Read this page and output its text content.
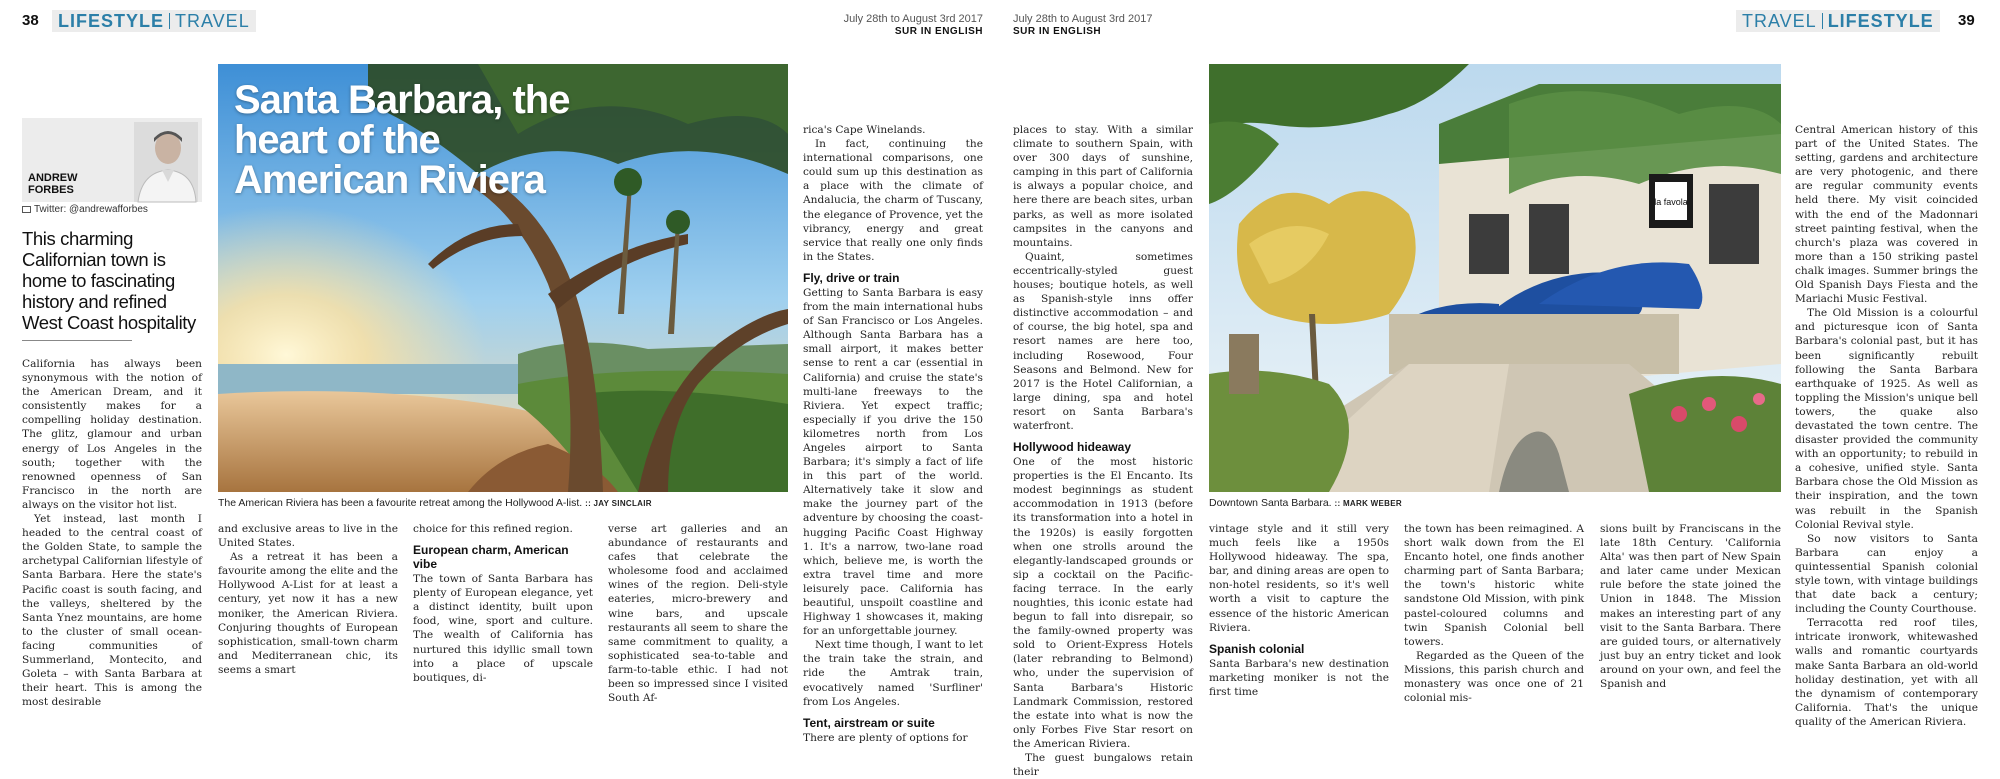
38	LIFESTYLE TRAVEL	July 28th to August 3rd 2017
SUR IN ENGLISH
July 28th to August 3rd 2017
SUR IN ENGLISH
TRAVEL LIFESTYLE	39
ANDREW
FORBES
Twitter: @andrewafforbes
This charming Californian town is home to fascinating history and refined West Coast hospitality
Santa Barbara, the heart of the American Riviera
The American Riviera has been a favourite retreat among the Hollywood A-list. :: JAY SINCLAIR
la favola
Downtown Santa Barbara. :: MARK WEBER

California has always been synonymous with the notion of the American Dream, and it consistently makes for a compelling holiday destination. The glitz, glamour and urban energy of Los Angeles in the south; together with the renowned openness of San Francisco in the north are always on the visitor hot list.

Yet instead, last month I headed to the central coast of the Golden State, to sample the archetypal Californian lifestyle of Santa Barbara. Here the state's Pacific coast is south facing, and the valleys, sheltered by the Santa Ynez mountains, are home to the cluster of small ocean-facing communities of Summerland, Montecito, and Goleta – with Santa Barbara at their heart. This is among the most desirable

and exclusive areas to live in the United States.

As a retreat it has been a favourite among the elite and the Hollywood A-List for at least a century, yet now it has a new moniker, the American Riviera. Conjuring thoughts of European sophistication, small-town charm and Mediterranean chic, its seems a smart

choice for this refined region.

European charm, American vibe

The town of Santa Barbara has plenty of European elegance, yet a distinct identity, built upon food, wine, sport and culture. The wealth of California has nurtured this idyllic small town into a place of upscale boutiques, di-

verse art galleries and an abundance of restaurants and cafes that celebrate the wholesome food and acclaimed wines of the region. Deli-style eateries, micro-brewery and wine bars, and upscale restaurants all seem to share the same commitment to quality, a sophisticated sea-to-table and farm-to-table ethic. I had not been so impressed since I visited South Af-

rica's Cape Winelands.

In fact, continuing the international comparisons, one could sum up this destination as a place with the climate of Andalucia, the charm of Tuscany, the elegance of Provence, yet the vibrancy, energy and great service that really one only finds in the States.

Fly, drive or train

Getting to Santa Barbara is easy from the main international hubs of San Francisco or Los Angeles. Although Santa Barbara has a small airport, it makes better sense to rent a car (essential in California) and cruise the state's multi-lane freeways to the Riviera. Yet expect traffic; especially if you drive the 150 kilometres north from Los Angeles airport to Santa Barbara; it's simply a fact of life in this part of the world. Alternatively take it slow and make the journey part of the adventure by choosing the coast-hugging Pacific Coast Highway 1. It's a narrow, two-lane road which, believe me, is worth the extra travel time and more leisurely pace. California has beautiful, unspoilt coastline and Highway 1 showcases it, making for an unforgettable journey.

Next time though, I want to let the train take the strain, and ride the Amtrak train, evocatively named 'Surfliner' from Los Angeles.

Tent, airstream or suite

There are plenty of options for

places to stay. With a similar climate to southern Spain, with over 300 days of sunshine, camping in this part of California is always a popular choice, and here there are beach sites, urban parks, as well as more isolated campsites in the canyons and mountains.

Quaint, sometimes eccentrically-styled guest houses; boutique hotels, as well as Spanish-style inns offer distinctive accommodation – and of course, the big hotel, spa and resort names are here too, including Rosewood, Four Seasons and Belmond. New for 2017 is the Hotel Californian, a large dining, spa and hotel resort on Santa Barbara's waterfront.

Hollywood hideaway

One of the most historic properties is the El Encanto. Its modest beginnings as student accommodation in 1913 (before its transformation into a hotel in the 1920s) is easily forgotten when one strolls around the elegantly-landscaped grounds or sip a cocktail on the Pacific-facing terrace. In the early noughties, this iconic estate had begun to fall into disrepair, so the family-owned property was sold to Orient-Express Hotels (later rebranding to Belmond) who, under the supervision of Santa Barbara's Historic Landmark Commission, restored the estate into what is now the only Forbes Five Star resort on the American Riviera.

The guest bungalows retain their

vintage style and it still very much feels like a 1950s Hollywood hideaway. The spa, bar, and dining areas are open to non-hotel residents, so it's well worth a visit to capture the essence of the historic American Riviera.

Spanish colonial

Santa Barbara's new destination marketing moniker is not the first time

the town has been reimagined. A short walk down from the El Encanto hotel, one finds another charming part of Santa Barbara; the town's historic white sandstone Old Mission, with pink pastel-coloured columns and twin Spanish Colonial bell towers.

Regarded as the Queen of the Missions, this parish church and monastery was once one of 21 colonial mis-

sions built by Franciscans in the late 18th Century. 'California Alta' was then part of New Spain and later came under Mexican rule before the state joined the Union in 1848. The Mission makes an interesting part of any visit to the Santa Barbara. There are guided tours, or alternatively just buy an entry ticket and look around on your own, and feel the Spanish and

Central American history of this part of the United States. The setting, gardens and architecture are very photogenic, and there are regular community events held there. My visit coincided with the end of the Madonnari street painting festival, when the church's plaza was covered in more than a 150 striking pastel chalk images. Summer brings the Old Spanish Days Fiesta and the Mariachi Music Festival.

The Old Mission is a colourful and picturesque icon of Santa Barbara's colonial past, but it has been significantly rebuilt following the Santa Barbara earthquake of 1925. As well as toppling the Mission's unique bell towers, the quake also devastated the town centre. The disaster provided the community with an opportunity; to rebuild in a cohesive, unified style. Santa Barbara chose the Old Mission as their inspiration, and the town was rebuilt in the Spanish Colonial Revival style.

So now visitors to Santa Barbara can enjoy a quintessential Spanish colonial style town, with vintage buildings that date back a century; including the County Courthouse.

Terracotta red roof tiles, intricate ironwork, whitewashed walls and romantic courtyards make Santa Barbara an old-world holiday destination, yet with all the dynamism of contemporary California. That's the unique quality of the American Riviera.
